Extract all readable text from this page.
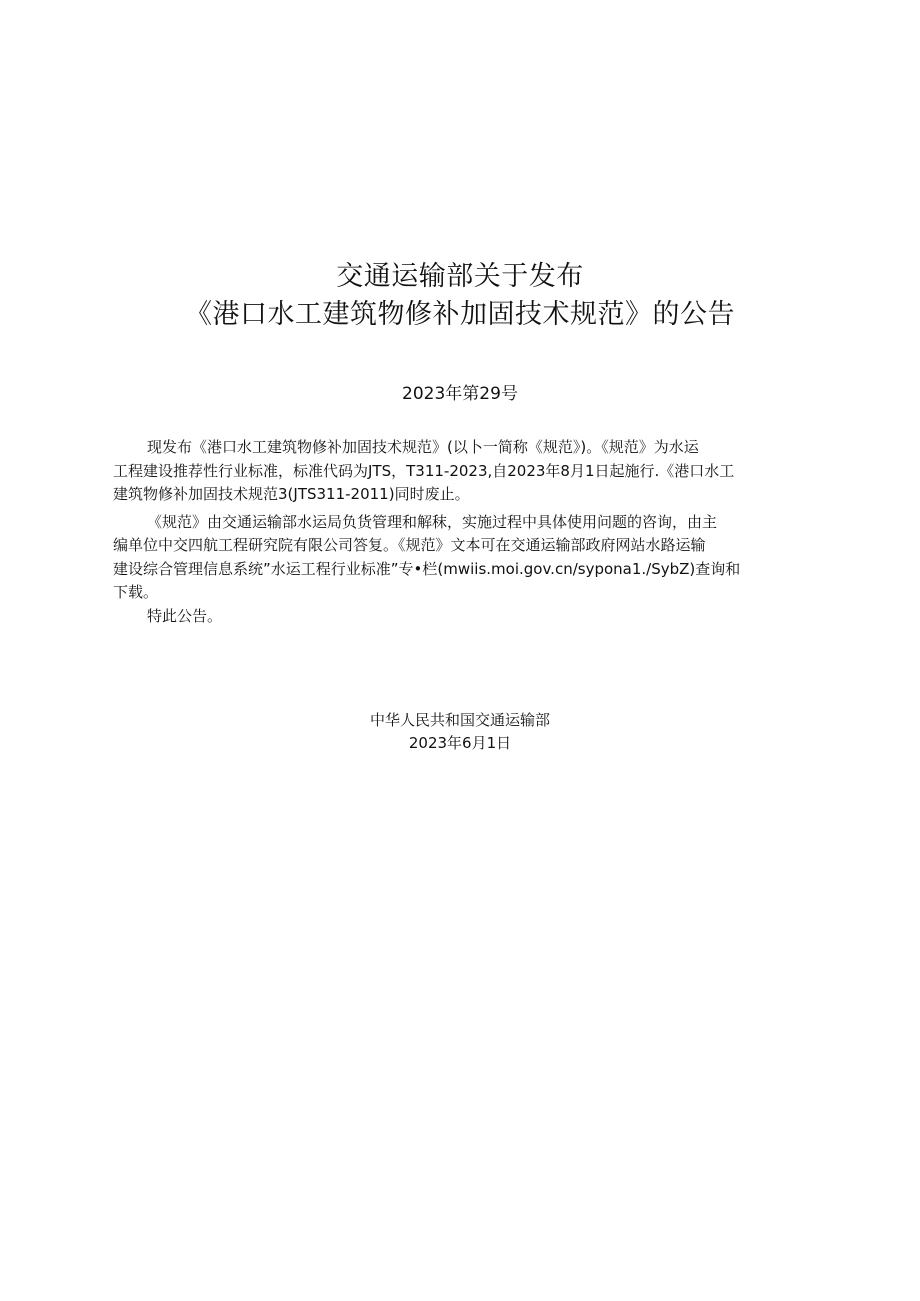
交通运输部关于发布
《港口水工建筑物修补加固技术规范》的公告
2023年第29号
现发布《港口水工建筑物修补加固技术规范》(以卜一简称《规范》)。《规范》为水运
工程建设推荐性行业标准，标准代码为JTS，T311-2023,自2023年8月1日起施行.《港口水工
建筑物修补加固技术规范3(JTS311-2011)同时废止。
《规范》由交通运输部水运局负货管理和解秣，实施过程中具体使用问题的咨询，由主
编单位中交四航工程研究院有限公司答复。《规范》文本可在交通运输部政府网站水路运输
建设综合管理信息系统”水运工程行业标准”专•栏(mwiis.moi.gov.cn/sypona1./SybZ)查询和
下载。
特此公告。
中华人民共和国交通运输部
2023年6月1日
